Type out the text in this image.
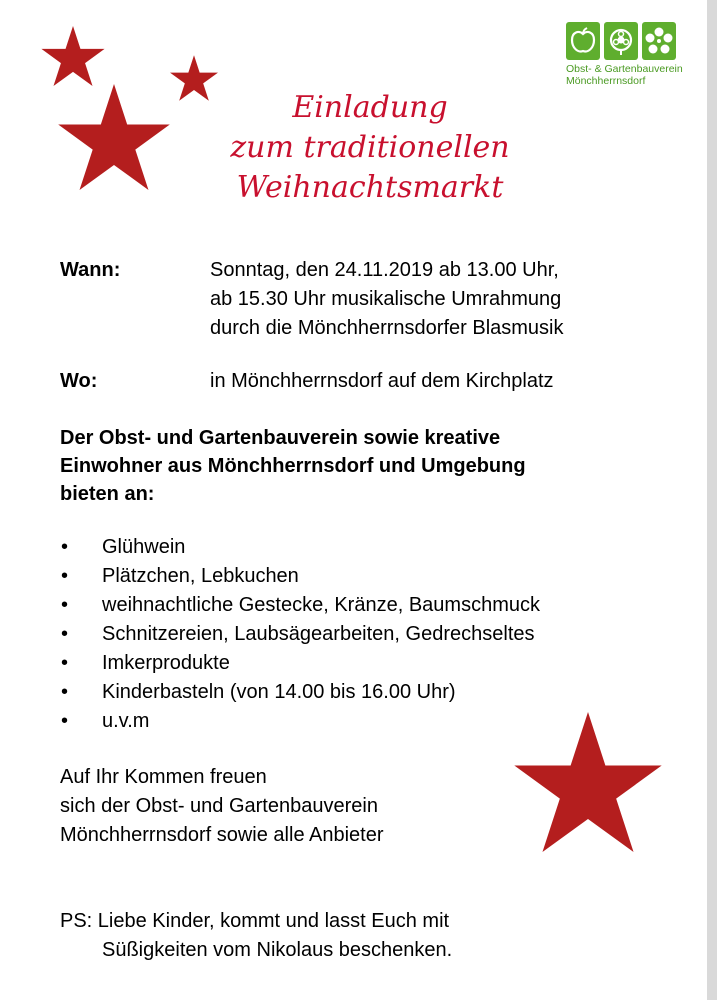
Obst- & Gartenbauverein
Mönchherrnsdorf
Einladung
zum traditionellen
Weihnachtsmarkt
Wann:	Sonntag, den 24.11.2019 ab 13.00 Uhr,
ab 15.30 Uhr musikalische Umrahmung
durch die Mönchherrnsdorfer Blasmusik
Wo:	in Mönchherrnsdorf auf dem Kirchplatz
Der Obst- und Gartenbauverein sowie kreative
Einwohner aus Mönchherrnsdorf und Umgebung
bieten an:
• Glühwein
• Plätzchen, Lebkuchen
• weihnachtliche Gestecke, Kränze, Baumschmuck
• Schnitzereien, Laubsägearbeiten, Gedrechseltes
• Imkerprodukte
• Kinderbasteln (von 14.00 bis 16.00 Uhr)
• u.v.m
Auf Ihr Kommen freuen
sich der Obst- und Gartenbauverein
Mönchherrnsdorf sowie alle Anbieter
PS: Liebe Kinder, kommt und lasst Euch mit
Süßigkeiten vom Nikolaus beschenken.
